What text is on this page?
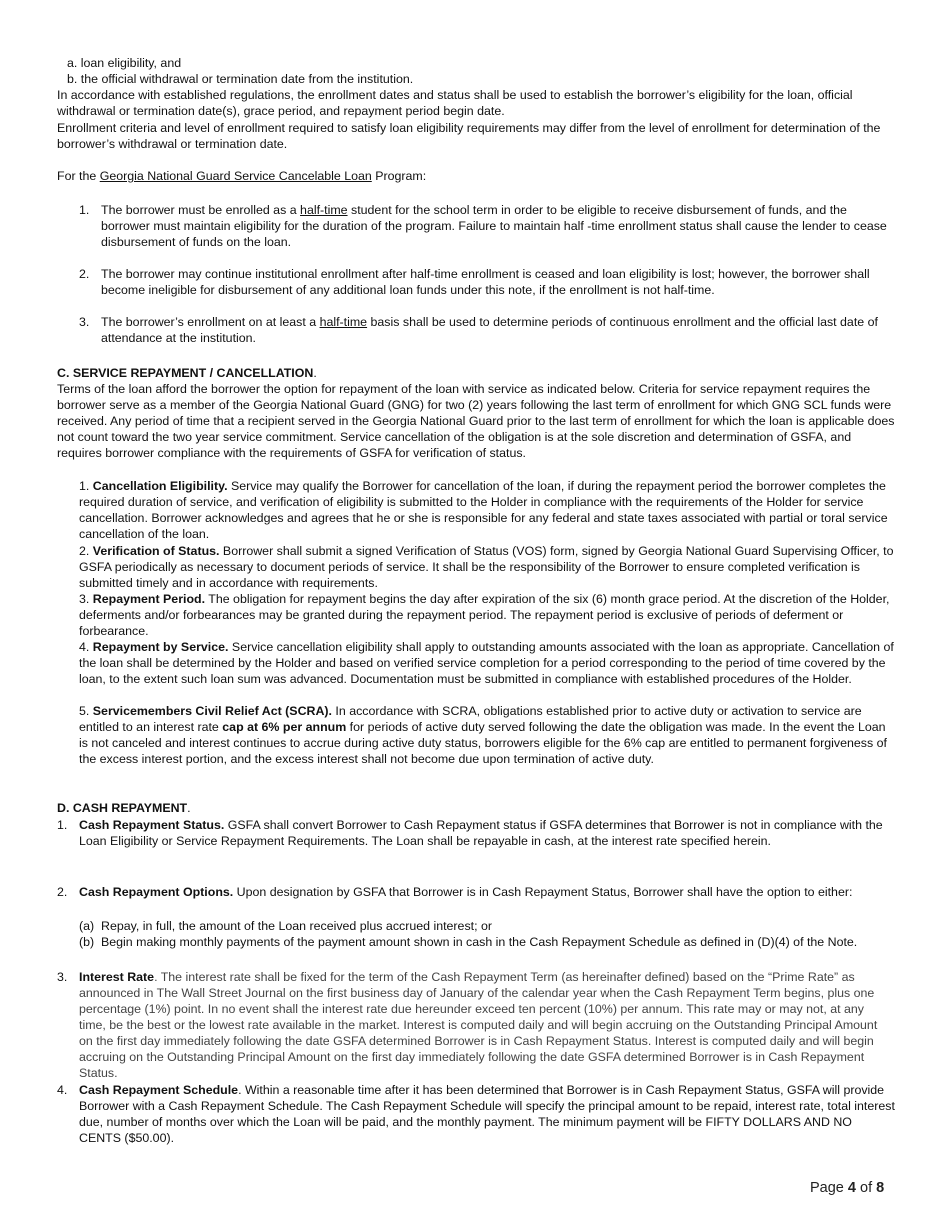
a. loan eligibility, and
b. the official withdrawal or termination date from the institution.
In accordance with established regulations, the enrollment dates and status shall be used to establish the borrower’s eligibility for the loan, official withdrawal or termination date(s), grace period, and repayment period begin date.
Enrollment criteria and level of enrollment required to satisfy loan eligibility requirements may differ from the level of enrollment for determination of the borrower’s withdrawal or termination date.
For the Georgia National Guard Service Cancelable Loan Program:
1. The borrower must be enrolled as a half-time student for the school term in order to be eligible to receive disbursement of funds, and the borrower must maintain eligibility for the duration of the program. Failure to maintain half -time enrollment status shall cause the lender to cease disbursement of funds on the loan.
2. The borrower may continue institutional enrollment after half-time enrollment is ceased and loan eligibility is lost; however, the borrower shall become ineligible for disbursement of any additional loan funds under this note, if the enrollment is not half-time.
3. The borrower’s enrollment on at least a half-time basis shall be used to determine periods of continuous enrollment and the official last date of attendance at the institution.
C. SERVICE REPAYMENT / CANCELLATION.
Terms of the loan afford the borrower the option for repayment of the loan with service as indicated below. Criteria for service repayment requires the borrower serve as a member of the Georgia National Guard (GNG) for two (2) years following the last term of enrollment for which GNG SCL funds were received. Any period of time that a recipient served in the Georgia National Guard prior to the last term of enrollment for which the loan is applicable does not count toward the two year service commitment. Service cancellation of the obligation is at the sole discretion and determination of GSFA, and requires borrower compliance with the requirements of GSFA for verification of status.
1. Cancellation Eligibility. Service may qualify the Borrower for cancellation of the loan, if during the repayment period the borrower completes the required duration of service, and verification of eligibility is submitted to the Holder in compliance with the requirements of the Holder for service cancellation. Borrower acknowledges and agrees that he or she is responsible for any federal and state taxes associated with partial or toral service cancellation of the loan.
2. Verification of Status. Borrower shall submit a signed Verification of Status (VOS) form, signed by Georgia National Guard Supervising Officer, to GSFA periodically as necessary to document periods of service. It shall be the responsibility of the Borrower to ensure completed verification is submitted timely and in accordance with requirements.
3. Repayment Period. The obligation for repayment begins the day after expiration of the six (6) month grace period. At the discretion of the Holder, deferments and/or forbearances may be granted during the repayment period. The repayment period is exclusive of periods of deferment or forbearance.
4. Repayment by Service. Service cancellation eligibility shall apply to outstanding amounts associated with the loan as appropriate. Cancellation of the loan shall be determined by the Holder and based on verified service completion for a period corresponding to the period of time covered by the loan, to the extent such loan sum was advanced. Documentation must be submitted in compliance with established procedures of the Holder.
5. Servicemembers Civil Relief Act (SCRA). In accordance with SCRA, obligations established prior to active duty or activation to service are entitled to an interest rate cap at 6% per annum for periods of active duty served following the date the obligation was made. In the event the Loan is not canceled and interest continues to accrue during active duty status, borrowers eligible for the 6% cap are entitled to permanent forgiveness of the excess interest portion, and the excess interest shall not become due upon termination of active duty.
D. CASH REPAYMENT.
1. Cash Repayment Status. GSFA shall convert Borrower to Cash Repayment status if GSFA determines that Borrower is not in compliance with the Loan Eligibility or Service Repayment Requirements. The Loan shall be repayable in cash, at the interest rate specified herein.
2. Cash Repayment Options. Upon designation by GSFA that Borrower is in Cash Repayment Status, Borrower shall have the option to either:
(a) Repay, in full, the amount of the Loan received plus accrued interest; or
(b) Begin making monthly payments of the payment amount shown in cash in the Cash Repayment Schedule as defined in (D)(4) of the Note.
3. Interest Rate. The interest rate shall be fixed for the term of the Cash Repayment Term (as hereinafter defined) based on the “Prime Rate” as announced in The Wall Street Journal on the first business day of January of the calendar year when the Cash Repayment Term begins, plus one percentage (1%) point. In no event shall the interest rate due hereunder exceed ten percent (10%) per annum. This rate may or may not, at any time, be the best or the lowest rate available in the market. Interest is computed daily and will begin accruing on the Outstanding Principal Amount on the first day immediately following the date GSFA determined Borrower is in Cash Repayment Status. Interest is computed daily and will begin accruing on the Outstanding Principal Amount on the first day immediately following the date GSFA determined Borrower is in Cash Repayment Status.
4. Cash Repayment Schedule. Within a reasonable time after it has been determined that Borrower is in Cash Repayment Status, GSFA will provide Borrower with a Cash Repayment Schedule. The Cash Repayment Schedule will specify the principal amount to be repaid, interest rate, total interest due, number of months over which the Loan will be paid, and the monthly payment. The minimum payment will be FIFTY DOLLARS AND NO CENTS ($50.00).
Page 4 of 8
